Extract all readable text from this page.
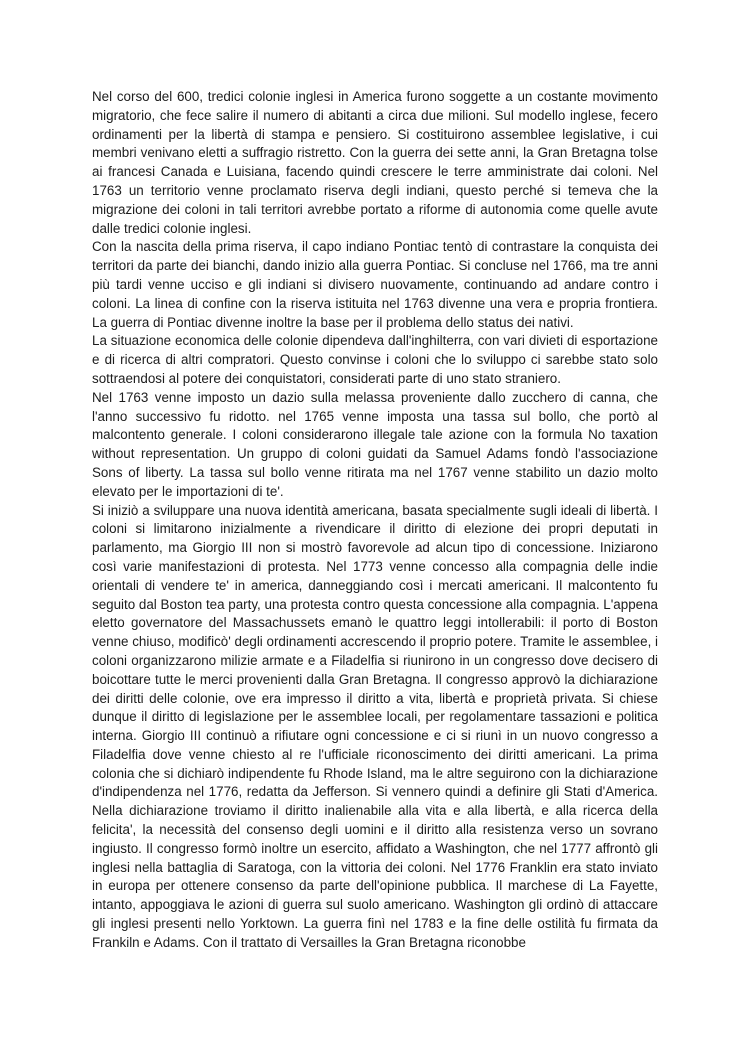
Nel corso del 600, tredici colonie inglesi in America furono soggette a un costante movimento migratorio, che fece salire il numero di abitanti a circa due milioni. Sul modello inglese, fecero ordinamenti per la libertà di stampa e pensiero. Si costituirono assemblee legislative, i cui membri venivano eletti a suffragio ristretto. Con la guerra dei sette anni, la Gran Bretagna tolse ai francesi Canada e Luisiana, facendo quindi crescere le terre amministrate dai coloni. Nel 1763 un territorio venne proclamato riserva degli indiani, questo perché si temeva che la migrazione dei coloni in tali territori avrebbe portato a riforme di autonomia come quelle avute dalle tredici colonie inglesi.

Con la nascita della prima riserva, il capo indiano Pontiac tentò di contrastare la conquista dei territori da parte dei bianchi, dando inizio alla guerra Pontiac. Si concluse nel 1766, ma tre anni più tardi venne ucciso e gli indiani si divisero nuovamente, continuando ad andare contro i coloni. La linea di confine con la riserva istituita nel 1763 divenne una vera e propria frontiera. La guerra di Pontiac divenne inoltre la base per il problema dello status dei nativi.

La situazione economica delle colonie dipendeva dall'inghilterra, con vari divieti di esportazione e di ricerca di altri compratori. Questo convinse i coloni che lo sviluppo ci sarebbe stato solo sottraendosi al potere dei conquistatori, considerati parte di uno stato straniero.

Nel 1763 venne imposto un dazio sulla melassa proveniente dallo zucchero di canna, che l'anno successivo fu ridotto. nel 1765 venne imposta una tassa sul bollo, che portò al malcontento generale. I coloni considerarono illegale tale azione con la formula No taxation without representation. Un gruppo di coloni guidati da Samuel Adams fondò l'associazione Sons of liberty. La tassa sul bollo venne ritirata ma nel 1767 venne stabilito un dazio molto elevato per le importazioni di te'.

Si iniziò a sviluppare una nuova identità americana, basata specialmente sugli ideali di libertà. I coloni si limitarono inizialmente a rivendicare il diritto di elezione dei propri deputati in parlamento, ma Giorgio III non si mostrò favorevole ad alcun tipo di concessione. Iniziarono così varie manifestazioni di protesta. Nel 1773 venne concesso alla compagnia delle indie orientali di vendere te' in america, danneggiando così i mercati americani. Il malcontento fu seguito dal Boston tea party, una protesta contro questa concessione alla compagnia. L'appena eletto governatore del Massachussets emanò le quattro leggi intollerabili: il porto di Boston venne chiuso, modificò' degli ordinamenti accrescendo il proprio potere. Tramite le assemblee, i coloni organizzarono milizie armate e a Filadelfia si riunirono in un congresso dove decisero di boicottare tutte le merci provenienti dalla Gran Bretagna. Il congresso approvò la dichiarazione dei diritti delle colonie, ove era impresso il diritto a vita, libertà e proprietà privata. Si chiese dunque il diritto di legislazione per le assemblee locali, per regolamentare tassazioni e politica interna. Giorgio III continuò a rifiutare ogni concessione e ci si riunì in un nuovo congresso a Filadelfia dove venne chiesto al re l'ufficiale riconoscimento dei diritti americani. La prima colonia che si dichiarò indipendente fu Rhode Island, ma le altre seguirono con la dichiarazione d'indipendenza nel 1776, redatta da Jefferson. Si vennero quindi a definire gli Stati d'America. Nella dichiarazione troviamo il diritto inalienabile alla vita e alla libertà, e alla ricerca della felicita', la necessità del consenso degli uomini e il diritto alla resistenza verso un sovrano ingiusto. Il congresso formò inoltre un esercito, affidato a Washington, che nel 1777 affrontò gli inglesi nella battaglia di Saratoga, con la vittoria dei coloni. Nel 1776 Franklin era stato inviato in europa per ottenere consenso da parte dell'opinione pubblica. Il marchese di La Fayette, intanto, appoggiava le azioni di guerra sul suolo americano. Washington gli ordinò di attaccare gli inglesi presenti nello Yorktown. La guerra finì nel 1783 e la fine delle ostilità fu firmata da Frankiln e Adams. Con il trattato di Versailles la Gran Bretagna riconobbe
